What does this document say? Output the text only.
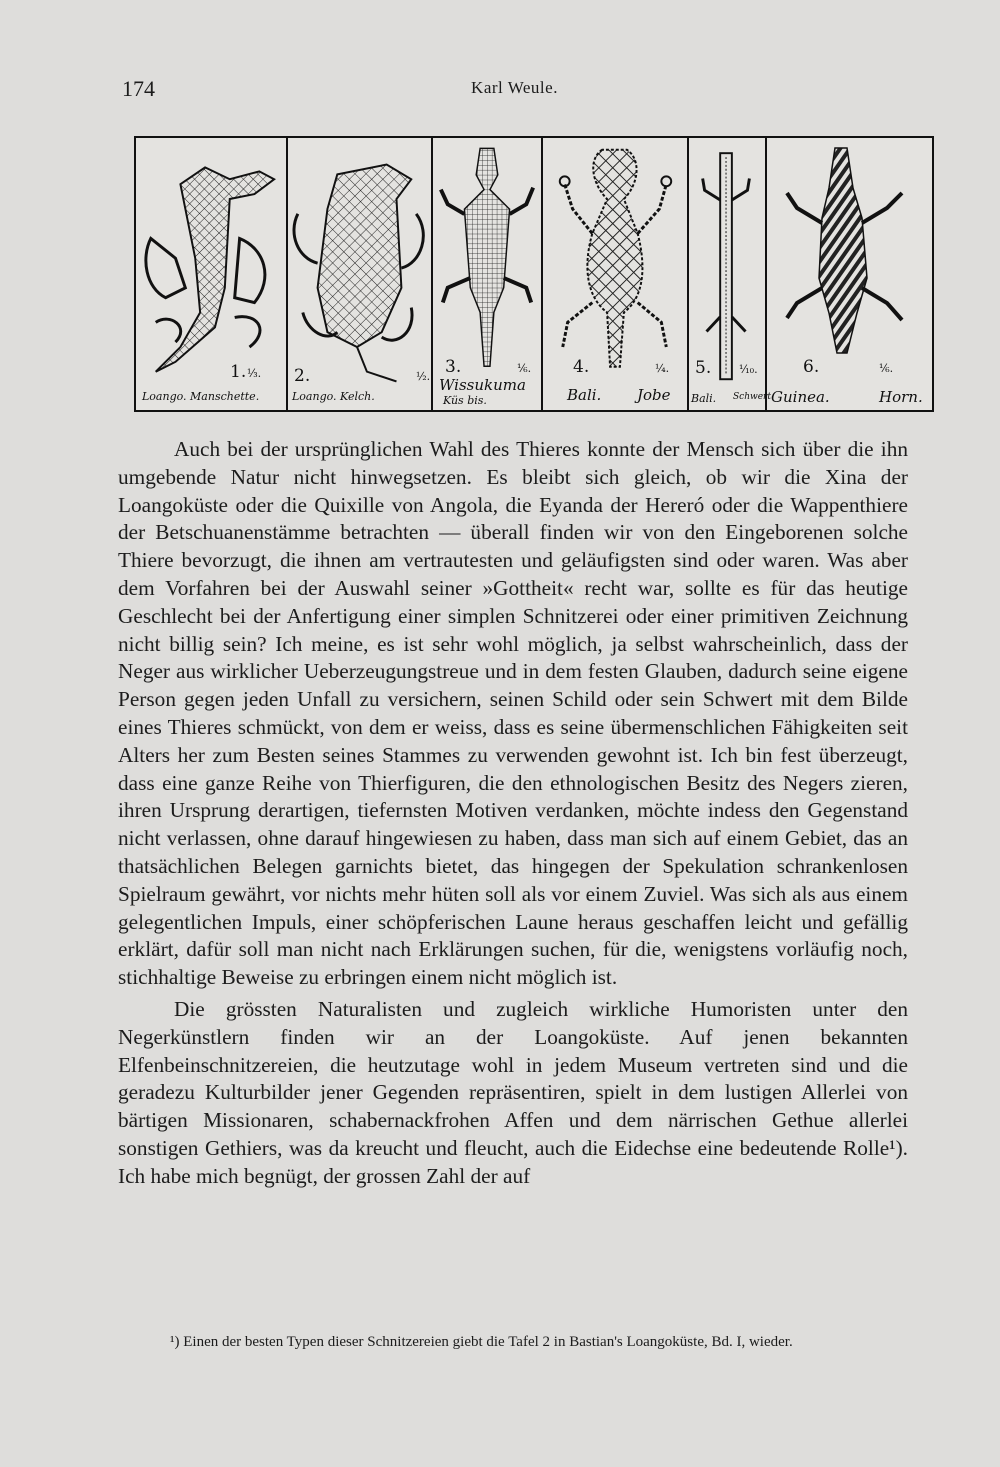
174	Karl Weule.
1. ⅓.
Loango. Manschette.
2.	½.
Loango. Kelch.
3.	⅙.
Wissukuma
Küs bis.
4.	¼.
Bali. Jobe
5.	⅒.
Bali. Schwert
6.	⅙.
Guinea.	Horn.

Auch bei der ursprünglichen Wahl des Thieres konnte der Mensch sich über die ihn umgebende Natur nicht hinwegsetzen. Es bleibt sich gleich, ob wir die Xina der Loangoküste oder die Quixille von Angola, die Eyanda der Hereró oder die Wappenthiere der Betschuanenstämme betrachten — überall finden wir von den Eingeborenen solche Thiere bevorzugt, die ihnen am vertrautesten und geläufigsten sind oder waren. Was aber dem Vorfahren bei der Auswahl seiner »Gottheit« recht war, sollte es für das heutige Geschlecht bei der Anfertigung einer simplen Schnitzerei oder einer primitiven Zeichnung nicht billig sein? Ich meine, es ist sehr wohl möglich, ja selbst wahrscheinlich, dass der Neger aus wirklicher Ueberzeugungstreue und in dem festen Glauben, dadurch seine eigene Person gegen jeden Unfall zu versichern, seinen Schild oder sein Schwert mit dem Bilde eines Thieres schmückt, von dem er weiss, dass es seine übermenschlichen Fähigkeiten seit Alters her zum Besten seines Stammes zu verwenden gewohnt ist. Ich bin fest überzeugt, dass eine ganze Reihe von Thierfiguren, die den ethnologischen Besitz des Negers zieren, ihren Ursprung derartigen, tiefernsten Motiven verdanken, möchte indess den Gegenstand nicht verlassen, ohne darauf hingewiesen zu haben, dass man sich auf einem Gebiet, das an thatsächlichen Belegen garnichts bietet, das hingegen der Spekulation schrankenlosen Spielraum gewährt, vor nichts mehr hüten soll als vor einem Zuviel. Was sich als aus einem gelegentlichen Impuls, einer schöpferischen Laune heraus geschaffen leicht und gefällig erklärt, dafür soll man nicht nach Erklärungen suchen, für die, wenigstens vorläufig noch, stichhaltige Beweise zu erbringen einem nicht möglich ist.

Die grössten Naturalisten und zugleich wirkliche Humoristen unter den Negerkünstlern finden wir an der Loangoküste. Auf jenen bekannten Elfenbeinschnitzereien, die heutzutage wohl in jedem Museum vertreten sind und die geradezu Kulturbilder jener Gegenden repräsentiren, spielt in dem lustigen Allerlei von bärtigen Missionaren, schabernackfrohen Affen und dem närrischen Gethue allerlei sonstigen Gethiers, was da kreucht und fleucht, auch die Eidechse eine bedeutende Rolle¹). Ich habe mich begnügt, der grossen Zahl der auf

¹) Einen der besten Typen dieser Schnitzereien giebt die Tafel 2 in Bastian's Loangoküste, Bd. I, wieder.
